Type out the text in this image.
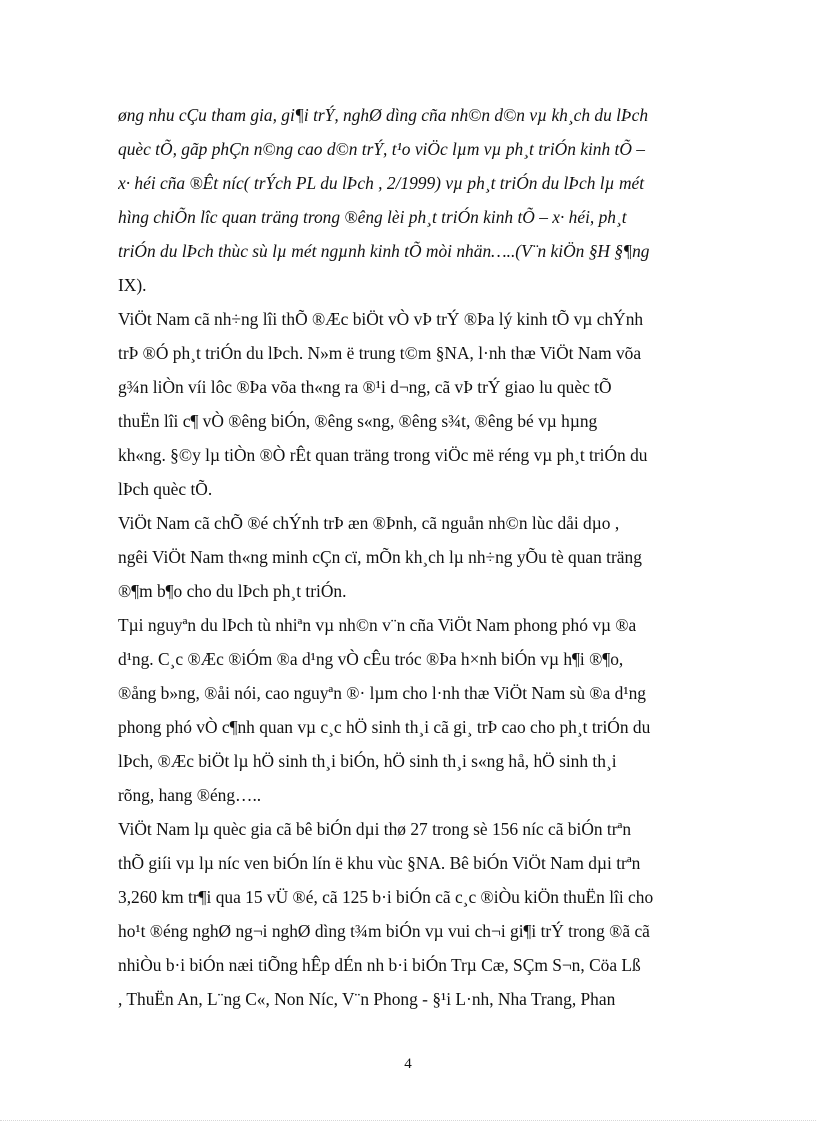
øng nhu cÇu tham gia, gi¶i trÝ, nghØ dìng cña nh©n d©n vµ kh¸ch du lÞch
quèc tÕ, gãp phÇn n©ng cao d©n trÝ, t¹o viÖc lµm vµ ph¸t triÓn kinh tÕ –
x· héi cña ®Êt níc( trÝch PL du lÞch , 2/1999) vµ ph¸t triÓn du lÞch lµ mét
hìng chiÕn lîc quan träng trong ®êng lèi ph¸t triÓn kinh tÕ – x· héi, ph¸t
triÓn du lÞch thùc sù lµ mét ngµnh kinh tÕ mòi nhän…..(V¨n kiÖn §H §¶ng
IX).
ViÖt Nam cã nh÷ng lîi thÕ ®Æc biÖt vÒ vÞ trÝ ®Þa lý kinh tÕ vµ chÝnh
trÞ ®Ó ph¸t triÓn du lÞch. N»m ë trung t©m §NA, l·nh thæ ViÖt Nam võa
g¾n liÒn víi lôc ®Þa võa th«ng ra ®¹i d¬ng, cã vÞ trÝ giao lu quèc tÕ
thuËn lîi c¶ vÒ ®êng biÓn, ®êng s«ng, ®êng s¾t, ®êng bé vµ hµng
kh«ng. §©y lµ tiÒn ®Ò rÊt quan träng trong viÖc më réng vµ ph¸t triÓn du
lÞch quèc tÕ.
ViÖt Nam cã chÕ ®é chÝnh trÞ æn ®Þnh, cã nguån nh©n lùc dåi dµo ,
ngêi ViÖt Nam th«ng minh cÇn cï, mÕn kh¸ch lµ nh÷ng yÕu tè quan träng
®¶m b¶o cho du lÞch ph¸t triÓn.
Tµi nguyªn du lÞch tù nhiªn vµ nh©n v¨n cña ViÖt Nam phong phó vµ ®a
d¹ng. C¸c ®Æc ®iÓm ®a d¹ng vÒ cÊu tróc ®Þa h×nh biÓn vµ h¶i ®¶o,
®ång b»ng, ®åi nói, cao nguyªn ®· lµm cho l·nh thæ ViÖt Nam sù ®a d¹ng
phong phó vÒ c¶nh quan vµ c¸c hÖ sinh th¸i cã gi¸ trÞ cao cho ph¸t triÓn du
lÞch, ®Æc biÖt lµ hÖ sinh th¸i biÓn, hÖ sinh th¸i s«ng hå, hÖ sinh th¸i
rõng, hang ®éng…..
ViÖt Nam lµ quèc gia cã bê biÓn dµi thø 27 trong sè 156 níc cã biÓn trªn
thÕ giíi vµ lµ níc ven biÓn lín ë khu vùc §NA. Bê biÓn ViÖt Nam dµi trªn
3,260 km tr¶i qua 15 vÜ ®é, cã 125 b·i biÓn cã c¸c ®iÒu kiÖn thuËn lîi cho
ho¹t ®éng nghØ ng¬i nghØ dìng t¾m biÓn vµ vui ch¬i gi¶i trÝ trong ®ã cã
nhiÒu b·i biÓn næi tiÕng hÊp dÉn nh b·i biÓn Trµ Cæ, SÇm S¬n, Cöa Lß
, ThuËn An, L¨ng C«, Non Níc, V¨n Phong - §¹i L·nh, Nha Trang, Phan
4
